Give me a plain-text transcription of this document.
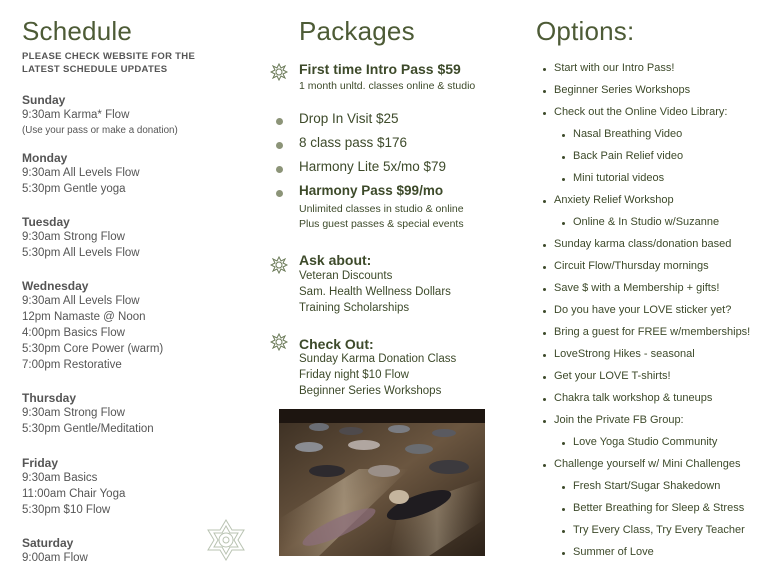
Schedule
PLEASE CHECK WEBSITE FOR THE
LATEST SCHEDULE UPDATES
Sunday
9:30am Karma* Flow
(Use your pass or make a donation)
Monday
9:30am All Levels Flow
5:30pm Gentle yoga
Tuesday
9:30am Strong Flow
5:30pm All Levels Flow
Wednesday
9:30am All Levels Flow
12pm Namaste @ Noon
4:00pm Basics Flow
5:30pm Core Power (warm)
7:00pm Restorative
Thursday
9:30am Strong Flow
5:30pm Gentle/Meditation
Friday
9:30am Basics
11:00am Chair Yoga
5:30pm $10 Flow
Saturday
9:00am Flow
Packages
First time Intro Pass $59
1 month unltd. classes online & studio
Drop In Visit $25
8 class pass $176
Harmony Lite 5x/mo $79
Harmony Pass $99/mo
Unlimited classes in studio & online
Plus guest passes & special events
Ask about:
Veteran Discounts
Sam. Health Wellness Dollars
Training Scholarships
Check Out:
Sunday Karma Donation Class
Friday night $10 Flow
Beginner Series Workshops
Options:
Start with our Intro Pass!
Beginner Series Workshops
Check out the Online Video Library:
Nasal Breathing Video
Back Pain Relief video
Mini tutorial videos
Anxiety Relief Workshop
Online & In Studio w/Suzanne
Sunday karma class/donation based
Circuit Flow/Thursday mornings
Save $ with a Membership + gifts!
Do you have your LOVE sticker yet?
Bring a guest for FREE w/memberships!
LoveStrong Hikes - seasonal
Get your LOVE T-shirts!
Chakra talk workshop & tuneups
Join the Private FB Group:
Love Yoga Studio Community
Challenge yourself w/ Mini Challenges
Fresh Start/Sugar Shakedown
Better Breathing for Sleep & Stress
Try Every Class, Try Every Teacher
Summer of Love
